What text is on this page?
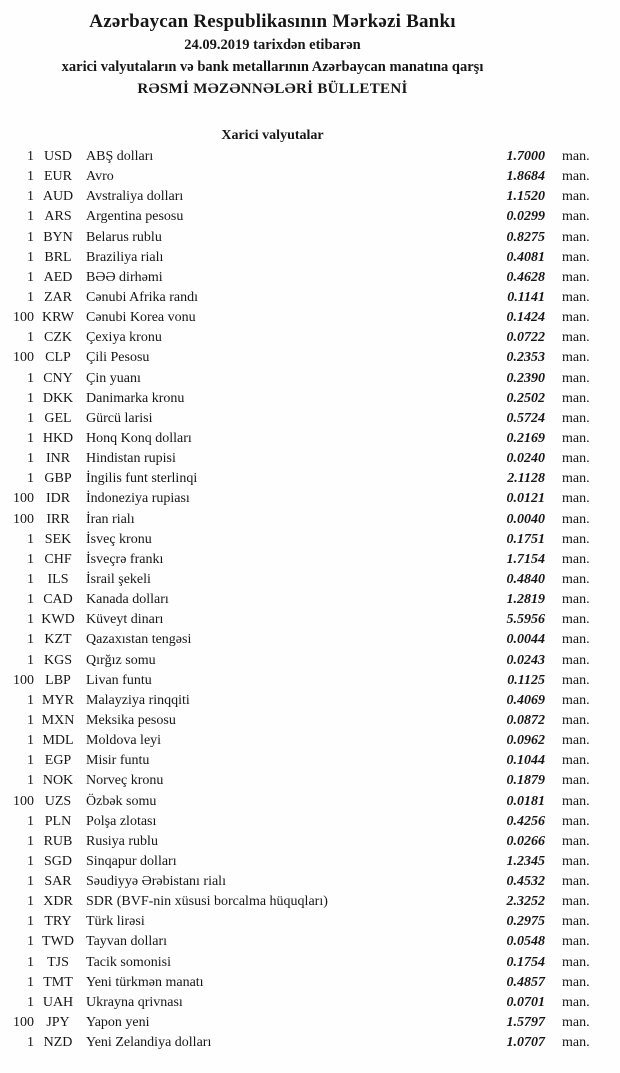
Azərbaycan Respublikasının Mərkəzi Bankı
24.09.2019 tarixdən etibarən
xarici valyutaların və bank metallarının Azərbaycan manatına qarşı
RƏSMİ MƏZƏNNƏLƏRİ BÜLLETENİ
Xarici valyutalar
1 USD	ABŞ dolları	1.7000	man.
1 EUR	Avro	1.8684	man.
1 AUD Avstraliya dolları	1.1520	man.
1 ARS	Argentina pesosu	0.0299	man.
1 BYN Belarus rublu	0.8275	man.
1 BRL	Braziliya rialı	0.4081	man.
1 AED BƏƏ dirhəmi	0.4628	man.
1 ZAR	Cənubi Afrika randı	0.1141	man.
100 KRW Cənubi Korea vonu	0.1424	man.
1 CZK	Çexiya kronu	0.0722	man.
100 CLP	Çili Pesosu	0.2353	man.
1 CNY Çin yuanı	0.2390	man.
1 DKK Danimarka kronu	0.2502	man.
1 GEL	Gürcü larisi	0.5724	man.
1 HKD Honq Konq dolları	0.2169	man.
1 INR	Hindistan rupisi	0.0240	man.
1 GBP	İngilis funt sterlinqi	2.1128	man.
100 IDR	İndoneziya rupiası	0.0121	man.
100 IRR	İran rialı	0.0040	man.
1 SEK	İsveç kronu	0.1751	man.
1 CHF	İsveçrə frankı	1.7154	man.
1 ILS	İsrail şekeli	0.4840	man.
1 CAD Kanada dolları	1.2819	man.
1 KWD Küveyt dinarı	5.5956	man.
1 KZT	Qazaxıstan tengəsi	0.0044	man.
1 KGS	Qırğız somu	0.0243	man.
100 LBP	Livan funtu	0.1125	man.
1 MYR Malayziya rinqqiti	0.4069	man.
1 MXN Meksika pesosu	0.0872	man.
1 MDL Moldova leyi	0.0962	man.
1 EGP	Misir funtu	0.1044	man.
1 NOK Norveç kronu	0.1879	man.
100 UZS	Özbək somu	0.0181	man.
1 PLN	Polşa zlotası	0.4256	man.
1 RUB Rusiya rublu	0.0266	man.
1 SGD	Sinqapur dolları	1.2345	man.
1 SAR	Səudiyyə Ərəbistanı rialı	0.4532	man.
1 XDR SDR (BVF-nin xüsusi borcalma hüquqları)	2.3252	man.
1 TRY	Türk lirəsi	0.2975	man.
1 TWD Tayvan dolları	0.0548	man.
1 TJS	Tacik somonisi	0.1754	man.
1 TMT Yeni türkmən manatı	0.4857	man.
1 UAH Ukrayna qrivnası	0.0701	man.
100 JPY	Yapon yeni	1.5797	man.
1 NZD Yeni Zelandiya dolları	1.0707	man.
